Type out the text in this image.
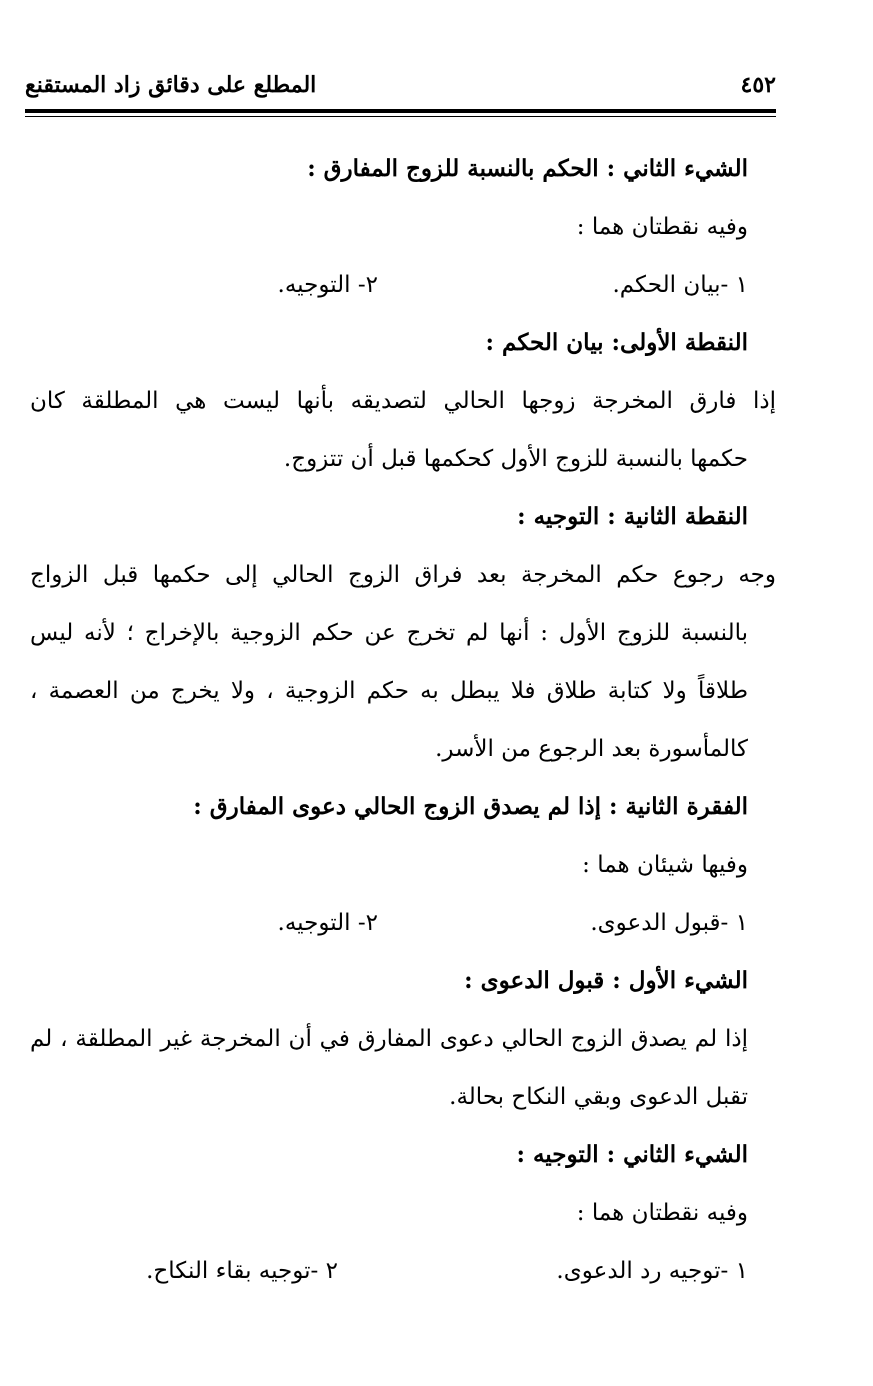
٤٥٢
المطلع على دقائق زاد المستقنع
الشيء الثاني : الحكم بالنسبة للزوج المفارق :
وفيه نقطتان هما :
١ -بيان الحكم.
٢- التوجيه.
النقطة الأولى: بيان الحكم :
إذا فارق المخرجة زوجها الحالي لتصديقه بأنها ليست هي المطلقة كان
حكمها بالنسبة للزوج الأول كحكمها قبل أن تتزوج.
النقطة الثانية : التوجيه :
وجه رجوع حكم المخرجة بعد فراق الزوج الحالي إلى حكمها قبل الزواج
بالنسبة للزوج الأول : أنها لم تخرج عن حكم الزوجية بالإخراج ؛ لأنه ليس
طلاقاً ولا كتابة طلاق فلا يبطل به حكم الزوجية ، ولا يخرج من العصمة ،
كالمأسورة بعد الرجوع من الأسر.
الفقرة الثانية : إذا لم يصدق الزوج الحالي دعوى المفارق :
وفيها شيئان هما :
١ -قبول الدعوى.
٢- التوجيه.
الشيء الأول : قبول الدعوى :
إذا لم يصدق الزوج الحالي دعوى المفارق في أن المخرجة غير المطلقة ، لم
تقبل الدعوى وبقي النكاح بحالة.
الشيء الثاني : التوجيه :
وفيه نقطتان هما :
١ -توجيه رد الدعوى.
٢ -توجيه بقاء النكاح.
